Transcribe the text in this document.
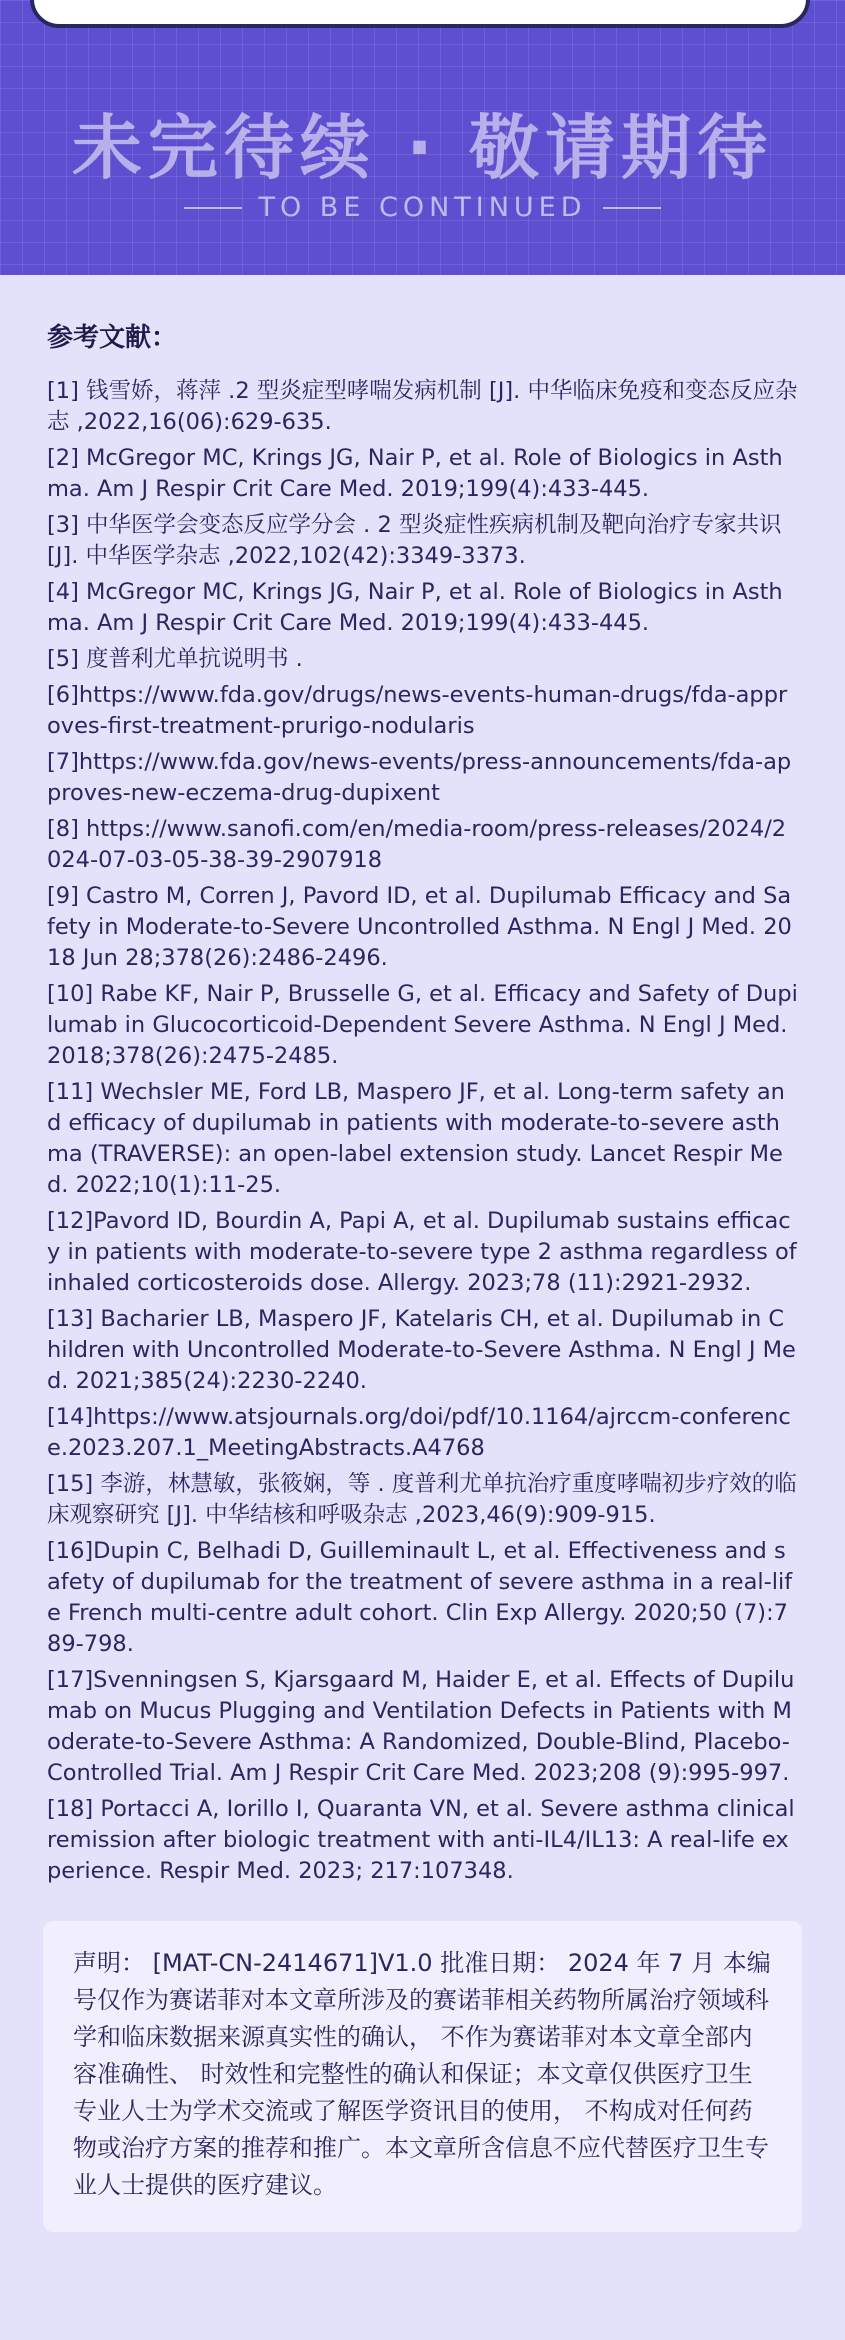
未完待续 · 敬请期待
TO BE CONTINUED
参考文献：
[1] 钱雪娇，蒋萍 .2 型炎症型哮喘发病机制 [J]. 中华临床免疫和变态反应杂志 ,2022,16(06):629-635.
[2] McGregor MC, Krings JG, Nair P, et al. Role of Biologics in Asthma. Am J Respir Crit Care Med. 2019;199(4):433-445.
[3] 中华医学会变态反应学分会 . 2 型炎症性疾病机制及靶向治疗专家共识 [J]. 中华医学杂志 ,2022,102(42):3349-3373.
[4] McGregor MC, Krings JG, Nair P, et al. Role of Biologics in Asthma. Am J Respir Crit Care Med. 2019;199(4):433-445.
[5] 度普利尤单抗说明书 .
[6]https://www.fda.gov/drugs/news-events-human-drugs/fda-approves-first-treatment-prurigo-nodularis
[7]https://www.fda.gov/news-events/press-announcements/fda-approves-new-eczema-drug-dupixent
[8] https://www.sanofi.com/en/media-room/press-releases/2024/2024-07-03-05-38-39-2907918
[9] Castro M, Corren J, Pavord ID, et al. Dupilumab Efficacy and Safety in Moderate-to-Severe Uncontrolled Asthma. N Engl J Med. 2018 Jun 28;378(26):2486-2496.
[10] Rabe KF, Nair P, Brusselle G, et al. Efficacy and Safety of Dupilumab in Glucocorticoid-Dependent Severe Asthma. N Engl J Med. 2018;378(26):2475-2485.
[11] Wechsler ME, Ford LB, Maspero JF, et al. Long-term safety and efficacy of dupilumab in patients with moderate-to-severe asthma (TRAVERSE): an open-label extension study. Lancet Respir Med. 2022;10(1):11-25.
[12]Pavord ID, Bourdin A, Papi A, et al. Dupilumab sustains efficacy in patients with moderate-to-severe type 2 asthma regardless of inhaled corticosteroids dose. Allergy. 2023;78 (11):2921-2932.
[13] Bacharier LB, Maspero JF, Katelaris CH, et al. Dupilumab in Children with Uncontrolled Moderate-to-Severe Asthma. N Engl J Med. 2021;385(24):2230-2240.
[14]https://www.atsjournals.org/doi/pdf/10.1164/ajrccm-conference.2023.207.1_MeetingAbstracts.A4768
[15] 李游，林慧敏，张筱娴，等 . 度普利尤单抗治疗重度哮喘初步疗效的临床观察研究 [J]. 中华结核和呼吸杂志 ,2023,46(9):909-915.
[16]Dupin C, Belhadi D, Guilleminault L, et al. Effectiveness and safety of dupilumab for the treatment of severe asthma in a real-life French multi-centre adult cohort. Clin Exp Allergy. 2020;50 (7):789-798.
[17]Svenningsen S, Kjarsgaard M, Haider E, et al. Effects of Dupilumab on Mucus Plugging and Ventilation Defects in Patients with Moderate-to-Severe Asthma: A Randomized, Double-Blind, Placebo-Controlled Trial. Am J Respir Crit Care Med. 2023;208 (9):995-997.
[18] Portacci A, Iorillo I, Quaranta VN, et al. Severe asthma clinical remission after biologic treatment with anti-IL4/IL13: A real-life experience. Respir Med. 2023; 217:107348.

声明： [MAT-CN-2414671]V1.0 批准日期： 2024 年 7 月 本编号仅作为赛诺菲对本文章所涉及的赛诺菲相关药物所属治疗领域科学和临床数据来源真实性的确认， 不作为赛诺菲对本文章全部内容准确性、 时效性和完整性的确认和保证；本文章仅供医疗卫生专业人士为学术交流或了解医学资讯目的使用， 不构成对任何药物或治疗方案的推荐和推广。本文章所含信息不应代替医疗卫生专业人士提供的医疗建议。
